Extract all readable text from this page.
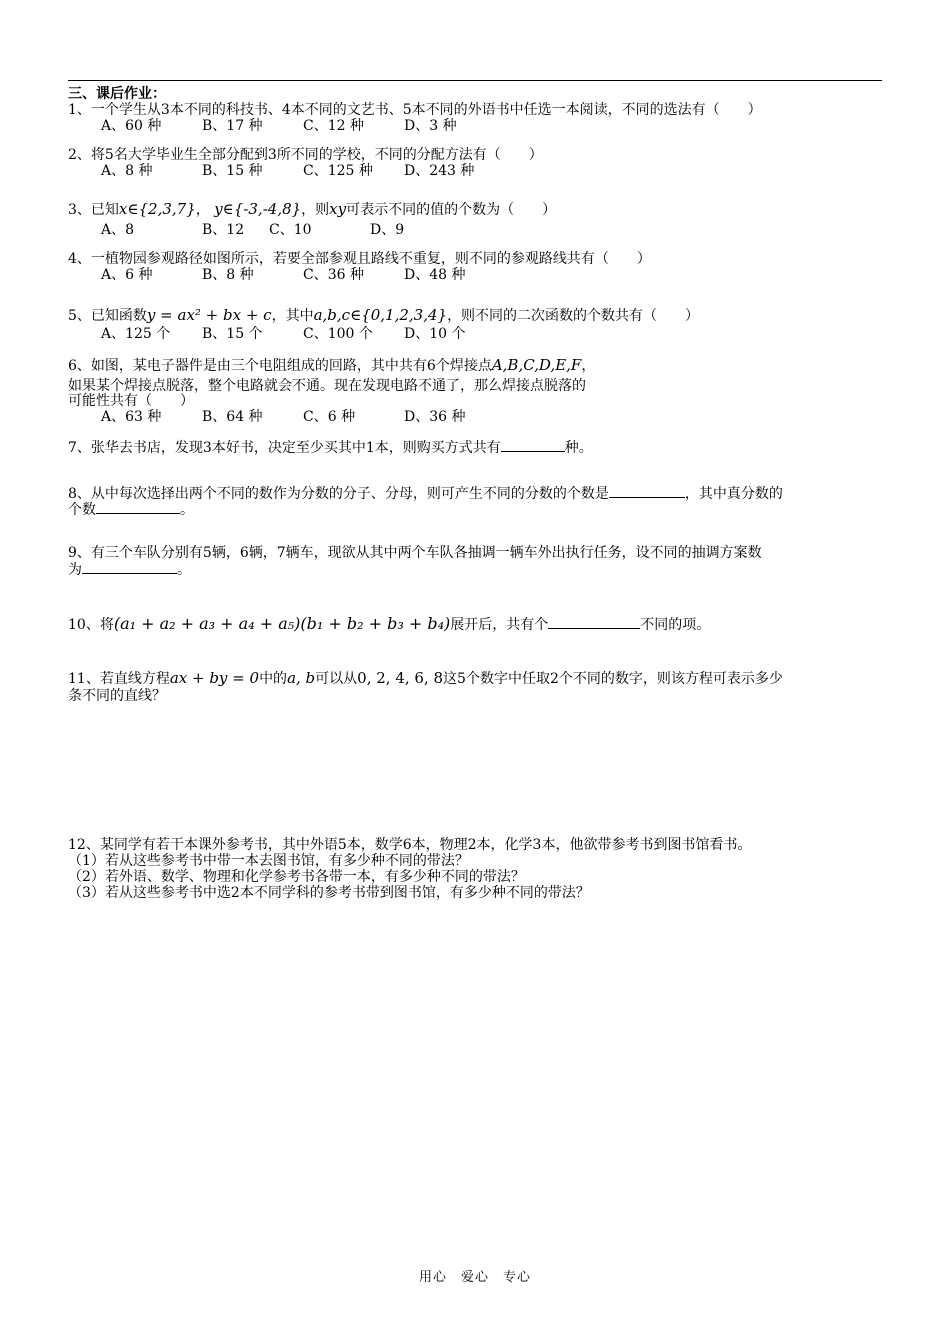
三、课后作业：
1、一个学生从3本不同的科技书、4本不同的文艺书、5本不同的外语书中任选一本阅读，不同的选法有（　　）
A、60 种	B、17 种	C、12 种	D、3 种
2、将5名大学毕业生全部分配到3所不同的学校，不同的分配方法有（　　）
A、8 种	B、15 种	C、125 种 D、243 种
3、已知x∈{2,3,7}， y∈{-3,-4,8}，则xy可表示不同的值的个数为（　　）
A、8	B、12 C、10	D、9
4、一植物园参观路径如图所示，若要全部参观且路线不重复，则不同的参观路线共有（　　）
A、6 种	B、8 种	C、36 种	D、48 种
5、已知函数y = ax² + bx + c，其中a,b,c∈{0,1,2,3,4}，则不同的二次函数的个数共有（　　）
A、125 个 B、15 个	C、100 个 D、10 个
6、如图，某电子器件是由三个电阻组成的回路，其中共有6个焊接点A,B,C,D,E,F，
如果某个焊接点脱落，整个电路就会不通。现在发现电路不通了，那么焊接点脱落的
可能性共有（　　）
A、63 种	B、64 种	C、6 种	D、36 种
7、张华去书店，发现3本好书，决定至少买其中1本，则购买方式共有	种。
8、从中每次选择出两个不同的数作为分数的分子、分母，则可产生不同的分数的个数是	，其中真分数的
个数	。
9、有三个车队分别有5辆，6辆，7辆车，现欲从其中两个车队各抽调一辆车外出执行任务，设不同的抽调方案数
为	。
10、将(a₁ + a₂ + a₃ + a₄ + a₅)(b₁ + b₂ + b₃ + b₄)展开后，共有个	不同的项。
11、若直线方程ax + by = 0中的a, b可以从0, 2, 4, 6, 8这5个数字中任取2个不同的数字，则该方程可表示多少
条不同的直线？
12、某同学有若干本课外参考书，其中外语5本，数学6本，物理2本，化学3本，他欲带参考书到图书馆看书。
（1）若从这些参考书中带一本去图书馆，有多少种不同的带法？
（2）若外语、数学、物理和化学参考书各带一本，有多少种不同的带法？
（3）若从这些参考书中选2本不同学科的参考书带到图书馆，有多少种不同的带法？
用心　爱心　专心
